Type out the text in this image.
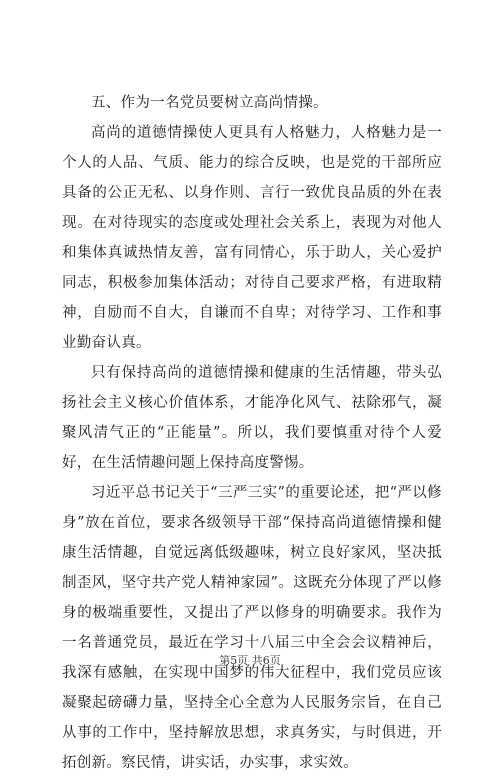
五、作为一名党员要树立高尚情操。

高尚的道德情操使人更具有人格魅力，人格魅力是一个人的人品、气质、能力的综合反映，也是党的干部所应具备的公正无私、以身作则、言行一致优良品质的外在表现。在对待现实的态度或处理社会关系上，表现为对他人和集体真诚热情友善，富有同情心，乐于助人，关心爱护同志，积极参加集体活动；对待自己要求严格，有进取精神，自励而不自大，自谦而不自卑；对待学习、工作和事业勤奋认真。

只有保持高尚的道德情操和健康的生活情趣，带头弘扬社会主义核心价值体系，才能净化风气、祛除邪气，凝聚风清气正的“正能量”。所以，我们要慎重对待个人爱好，在生活情趣问题上保持高度警惕。

习近平总书记关于“三严三实”的重要论述，把“严以修身”放在首位，要求各级领导干部“保持高尚道德情操和健康生活情趣，自觉远离低级趣味，树立良好家风，坚决抵制歪风，坚守共产党人精神家园”。这既充分体现了严以修身的极端重要性，又提出了严以修身的明确要求。我作为一名普通党员，最近在学习十八届三中全会会议精神后，我深有感触，在实现中国梦的伟大征程中，我们党员应该凝聚起磅礴力量，坚持全心全意为人民服务宗旨，在自己从事的工作中，坚持解放思想，求真务实，与时俱进，开拓创新。察民情，讲实话，办实事，求实效。

第5页 共6页
